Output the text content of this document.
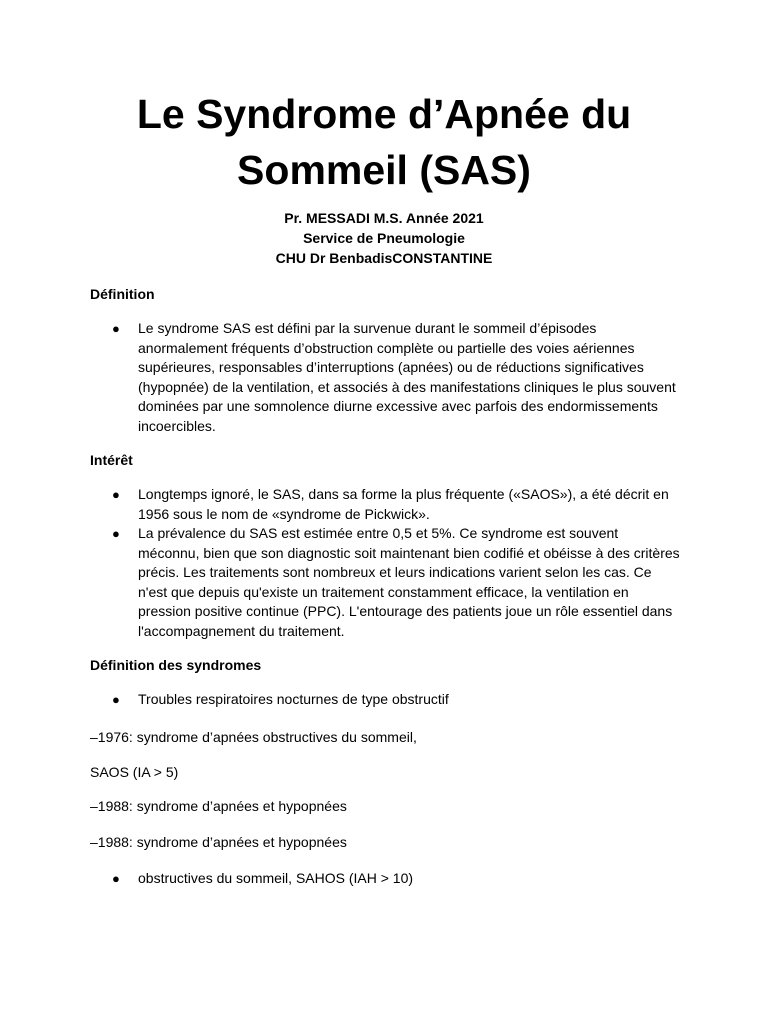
Le Syndrome d’Apnée du
Sommeil (SAS)
Pr. MESSADI M.S. Année 2021
Service de Pneumologie
CHU Dr BenbadisCONSTANTINE
Définition
●	Le syndrome SAS est défini par la survenue durant le sommeil d’épisodes anormalement fréquents d’obstruction complète ou partielle des voies aériennes supérieures, responsables d’interruptions (apnées) ou de réductions significatives (hypopnée) de la ventilation, et associés à des manifestations cliniques le plus souvent dominées par une somnolence diurne excessive avec parfois des endormissements incoercibles.
Intérêt
●	Longtemps ignoré, le SAS, dans sa forme la plus fréquente («SAOS»), a été décrit en 1956 sous le nom de «syndrome de Pickwick».
●	La prévalence du SAS est estimée entre 0,5 et 5%. Ce syndrome est souvent méconnu, bien que son diagnostic soit maintenant bien codifié et obéisse à des critères précis. Les traitements sont nombreux et leurs indications varient selon les cas. Ce n'est que depuis qu'existe un traitement constamment efficace, la ventilation en pression positive continue (PPC). L'entourage des patients joue un rôle essentiel dans l'accompagnement du traitement.
Définition des syndromes
●	Troubles respiratoires nocturnes de type obstructif
–1976: syndrome d’apnées obstructives du sommeil,
SAOS (IA > 5)
–1988: syndrome d’apnées et hypopnées
–1988: syndrome d’apnées et hypopnées
●	obstructives du sommeil, SAHOS (IAH > 10)
